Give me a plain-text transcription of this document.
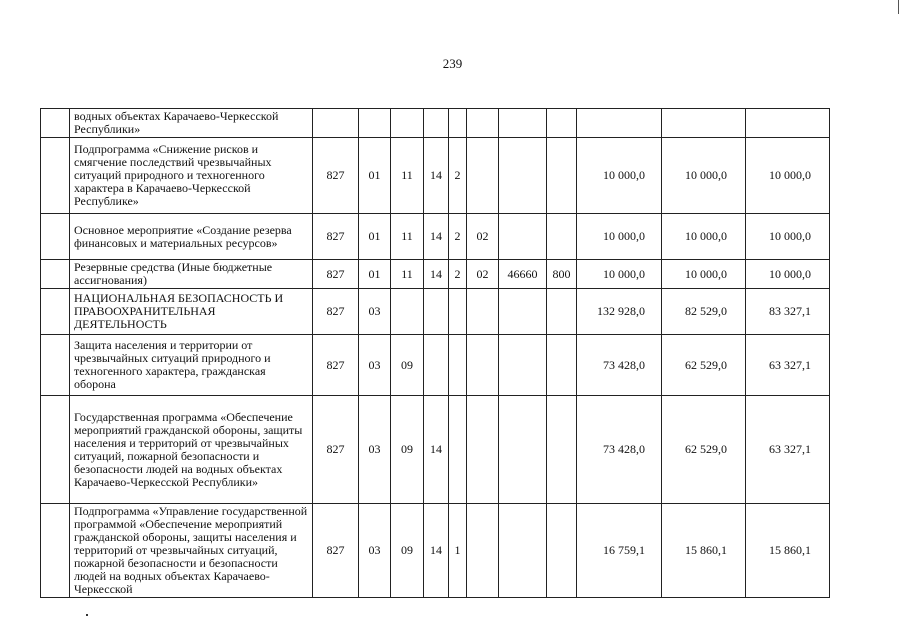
239
	водных объектах Карачаево-Черкесской Республики»											
	Подпрограмма «Снижение рисков и смягчение последствий чрезвычайных ситуаций природного и техногенного характера в Карачаево-Черкесской Республике»	827	01	11	14	2				10 000,0	10 000,0	10 000,0
	Основное мероприятие «Создание резерва финансовых и материальных ресурсов»	827	01	11	14	2	02			10 000,0	10 000,0	10 000,0
	Резервные средства (Иные бюджетные ассигнования)	827	01	11	14	2	02	46660	800	10 000,0	10 000,0	10 000,0
	НАЦИОНАЛЬНАЯ БЕЗОПАСНОСТЬ И ПРАВООХРАНИТЕЛЬНАЯ ДЕЯТЕЛЬНОСТЬ	827	03							132 928,0	82 529,0	83 327,1
	Защита населения и территории от чрезвычайных ситуаций природного и техногенного характера, гражданская оборона	827	03	09						73 428,0	62 529,0	63 327,1
	Государственная программа «Обеспечение мероприятий гражданской обороны, защиты населения и территорий от чрезвычайных ситуаций, пожарной безопасности и безопасности людей на водных объектах Карачаево-Черкесской Республики»	827	03	09	14					73 428,0	62 529,0	63 327,1
	Подпрограмма «Управление государственной программой «Обеспечение мероприятий гражданской обороны, защиты населения и территорий от чрезвычайных ситуаций, пожарной безопасности и безопасности людей на водных объектах Карачаево-Черкесской	827	03	09	14	1				16 759,1	15 860,1	15 860,1
